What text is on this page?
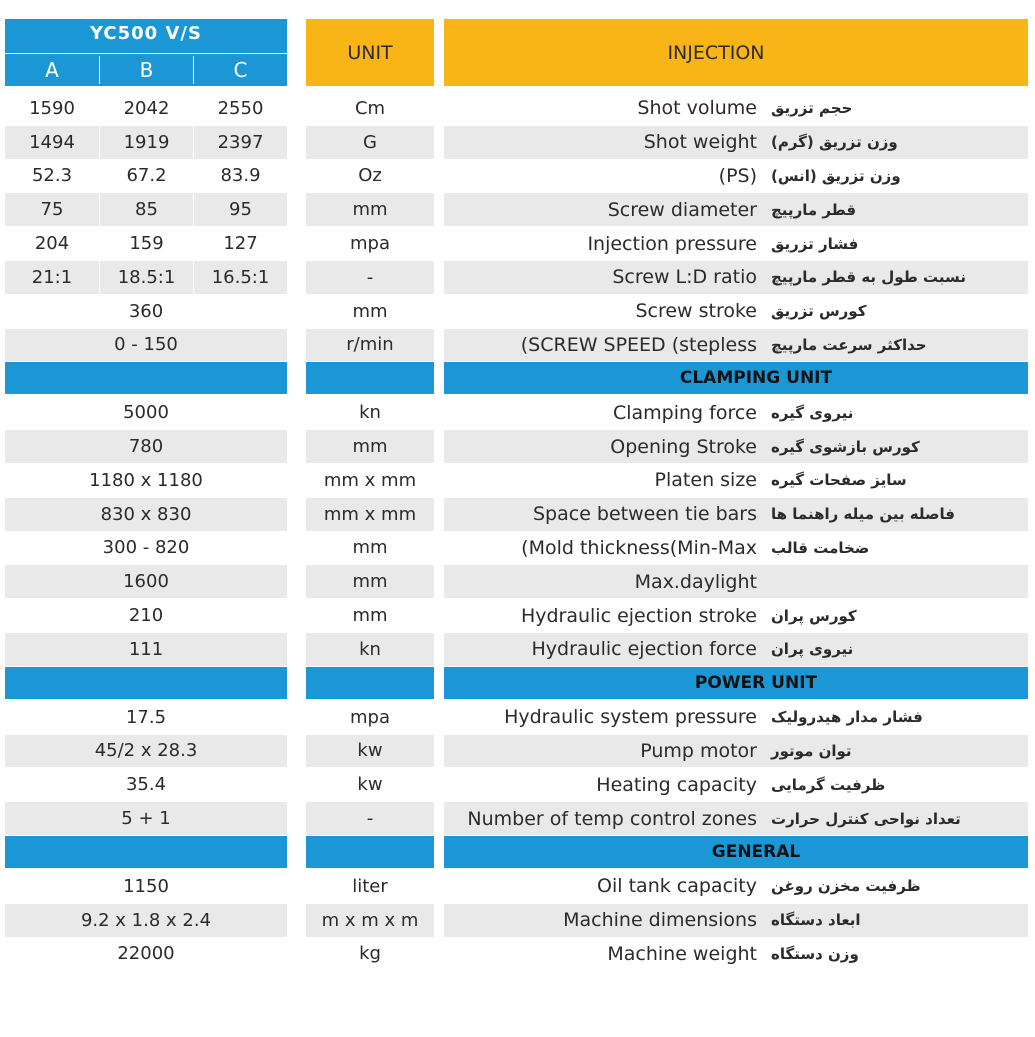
YC500 V/S
A	B	C
UNIT	INJECTION
1590	2042	2550	Cm	Shot volume حجم تزریق
1494	1919	2397	G	Shot weight وزن تزریق (گرم)
52.3	67.2	83.9	Oz	(PS) وزن تزریق (انس)
75	85	95	mm	Screw diameter قطر مارپیچ
204	159	127	mpa	Injection pressure فشار تزریق
21:1	18.5:1	16.5:1	-	Screw L:D ratio نسبت طول به قطر مارپیچ
360	mm	Screw stroke کورس تزریق
0 - 150	r/min	(SCREW SPEED (stepless حداکثر سرعت مارپیچ
CLAMPING UNIT
5000	kn	Clamping force نیروی گیره
780	mm	Opening Stroke کورس بازشوی گیره
1180 x 1180	mm x mm	Platen size سایز صفحات گیره
830 x 830	mm x mm	Space between tie bars فاصله بین میله راهنما ها
300 - 820	mm	(Mold thickness(Min-Max ضخامت قالب
1600	mm	Max.daylight
210	mm	Hydraulic ejection stroke کورس پران
111	kn	Hydraulic ejection force نیروی پران
POWER UNIT
17.5	mpa	Hydraulic system pressure فشار مدار هیدرولیک
45/2 x 28.3	kw	Pump motor توان موتور
35.4	kw	Heating capacity ظرفیت گرمایی
5 + 1	-	Number of temp control zones تعداد نواحی کنترل حرارت
GENERAL
1150	liter	Oil tank capacity ظرفیت مخزن روغن
9.2 x 1.8 x 2.4	m x m x m	Machine dimensions ابعاد دستگاه
22000	kg	Machine weight وزن دستگاه
